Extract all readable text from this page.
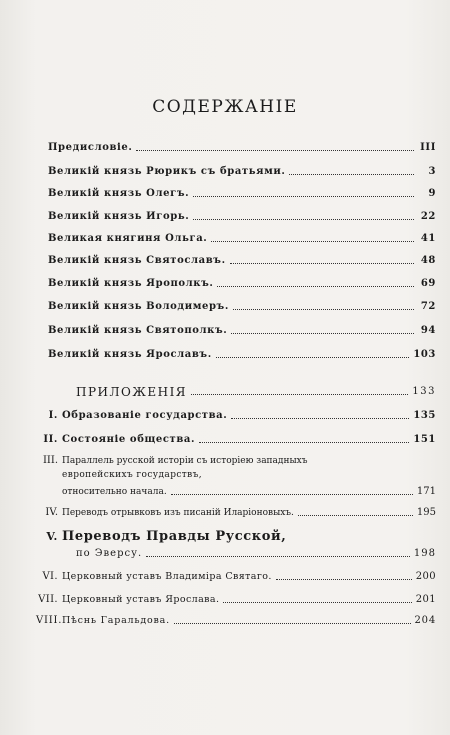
СОДЕРЖАНІЕ
Предисловіе.	III
Великій князь Рюрикъ съ братьями.	3
Великій князь Олегъ.	9
Великій князь Игорь.	22
Великая княгиня Ольга.	41
Великій князь Святославъ.	48
Великій князь Ярополкъ.	69
Великій князь Володимеръ.	72
Великій князь Святополкъ.	94
Великій князь Ярославъ.	103
ПРИЛОЖЕНІЯ	133
I. Образованіе государства.	135
II. Состояніе общества.	151
III. Параллель русской исторіи съ исторіею западныхъ
европейскихъ государствъ,
относительно начала.	171
IV. Переводъ отрывковъ изъ писаній Иларіоновыхъ.	195
V. Переводъ Правды Русской,
по Эверсу.	198
VI. Церковный уставъ Владиміра Святаго.	200
VII. Церковный уставъ Ярослава.	201
VIII. Пѣснь Гаральдова.	204
